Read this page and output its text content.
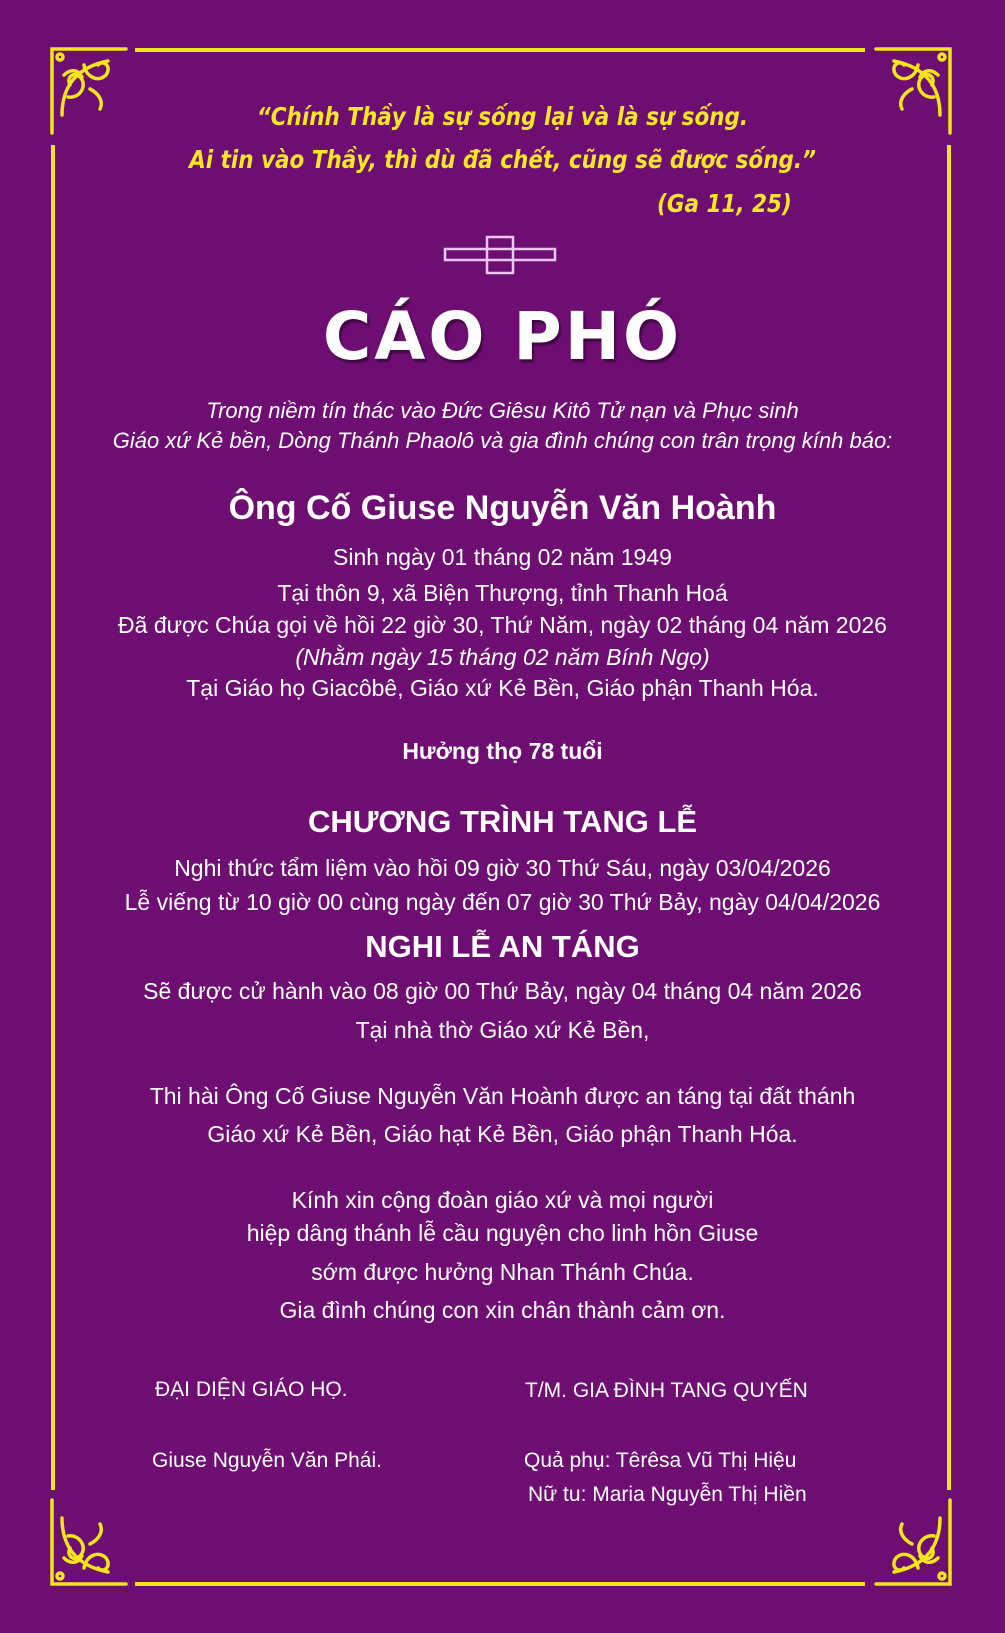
“Chính Thầy là sự sống lại và là sự sống.
Ai tin vào Thầy, thì dù đã chết, cũng sẽ được sống.”
(Ga 11, 25)
CÁO PHÓ
Trong niềm tín thác vào Đức Giêsu Kitô Tử nạn và Phục sinh
Giáo xứ Kẻ bền, Dòng Thánh Phaolô và gia đình chúng con trân trọng kính báo:
Ông Cố Giuse Nguyễn Văn Hoành
Sinh ngày 01 tháng 02 năm 1949
Tại thôn 9, xã Biện Thượng, tỉnh Thanh Hoá
Đã được Chúa gọi về hồi 22 giờ 30, Thứ Năm, ngày 02 tháng 04 năm 2026
(Nhằm ngày 15 tháng 02 năm Bính Ngọ)
Tại Giáo họ Giacôbê, Giáo xứ Kẻ Bền, Giáo phận Thanh Hóa.
Hưởng thọ 78 tuổi
CHƯƠNG TRÌNH TANG LỄ
Nghi thức tẩm liệm vào hồi 09 giờ 30 Thứ Sáu, ngày 03/04/2026
Lễ viếng từ 10 giờ 00 cùng ngày đến 07 giờ 30 Thứ Bảy, ngày 04/04/2026
NGHI LỄ AN TÁNG
Sẽ được cử hành vào 08 giờ 00 Thứ Bảy, ngày 04 tháng 04 năm 2026
Tại nhà thờ Giáo xứ Kẻ Bền,
Thi hài Ông Cố Giuse Nguyễn Văn Hoành được an táng tại đất thánh
Giáo xứ Kẻ Bền, Giáo hạt Kẻ Bền, Giáo phận Thanh Hóa.
Kính xin cộng đoàn giáo xứ và mọi người
hiệp dâng thánh lễ cầu nguyện cho linh hồn Giuse
sớm được hưởng Nhan Thánh Chúa.
Gia đình chúng con xin chân thành cảm ơn.
ĐẠI DIỆN GIÁO HỌ.
Giuse Nguyễn Văn Phái.
T/M. GIA ĐÌNH TANG QUYẾN
Quả phụ: Têrêsa Vũ Thị Hiệu
Nữ tu: Maria Nguyễn Thị Hiền
